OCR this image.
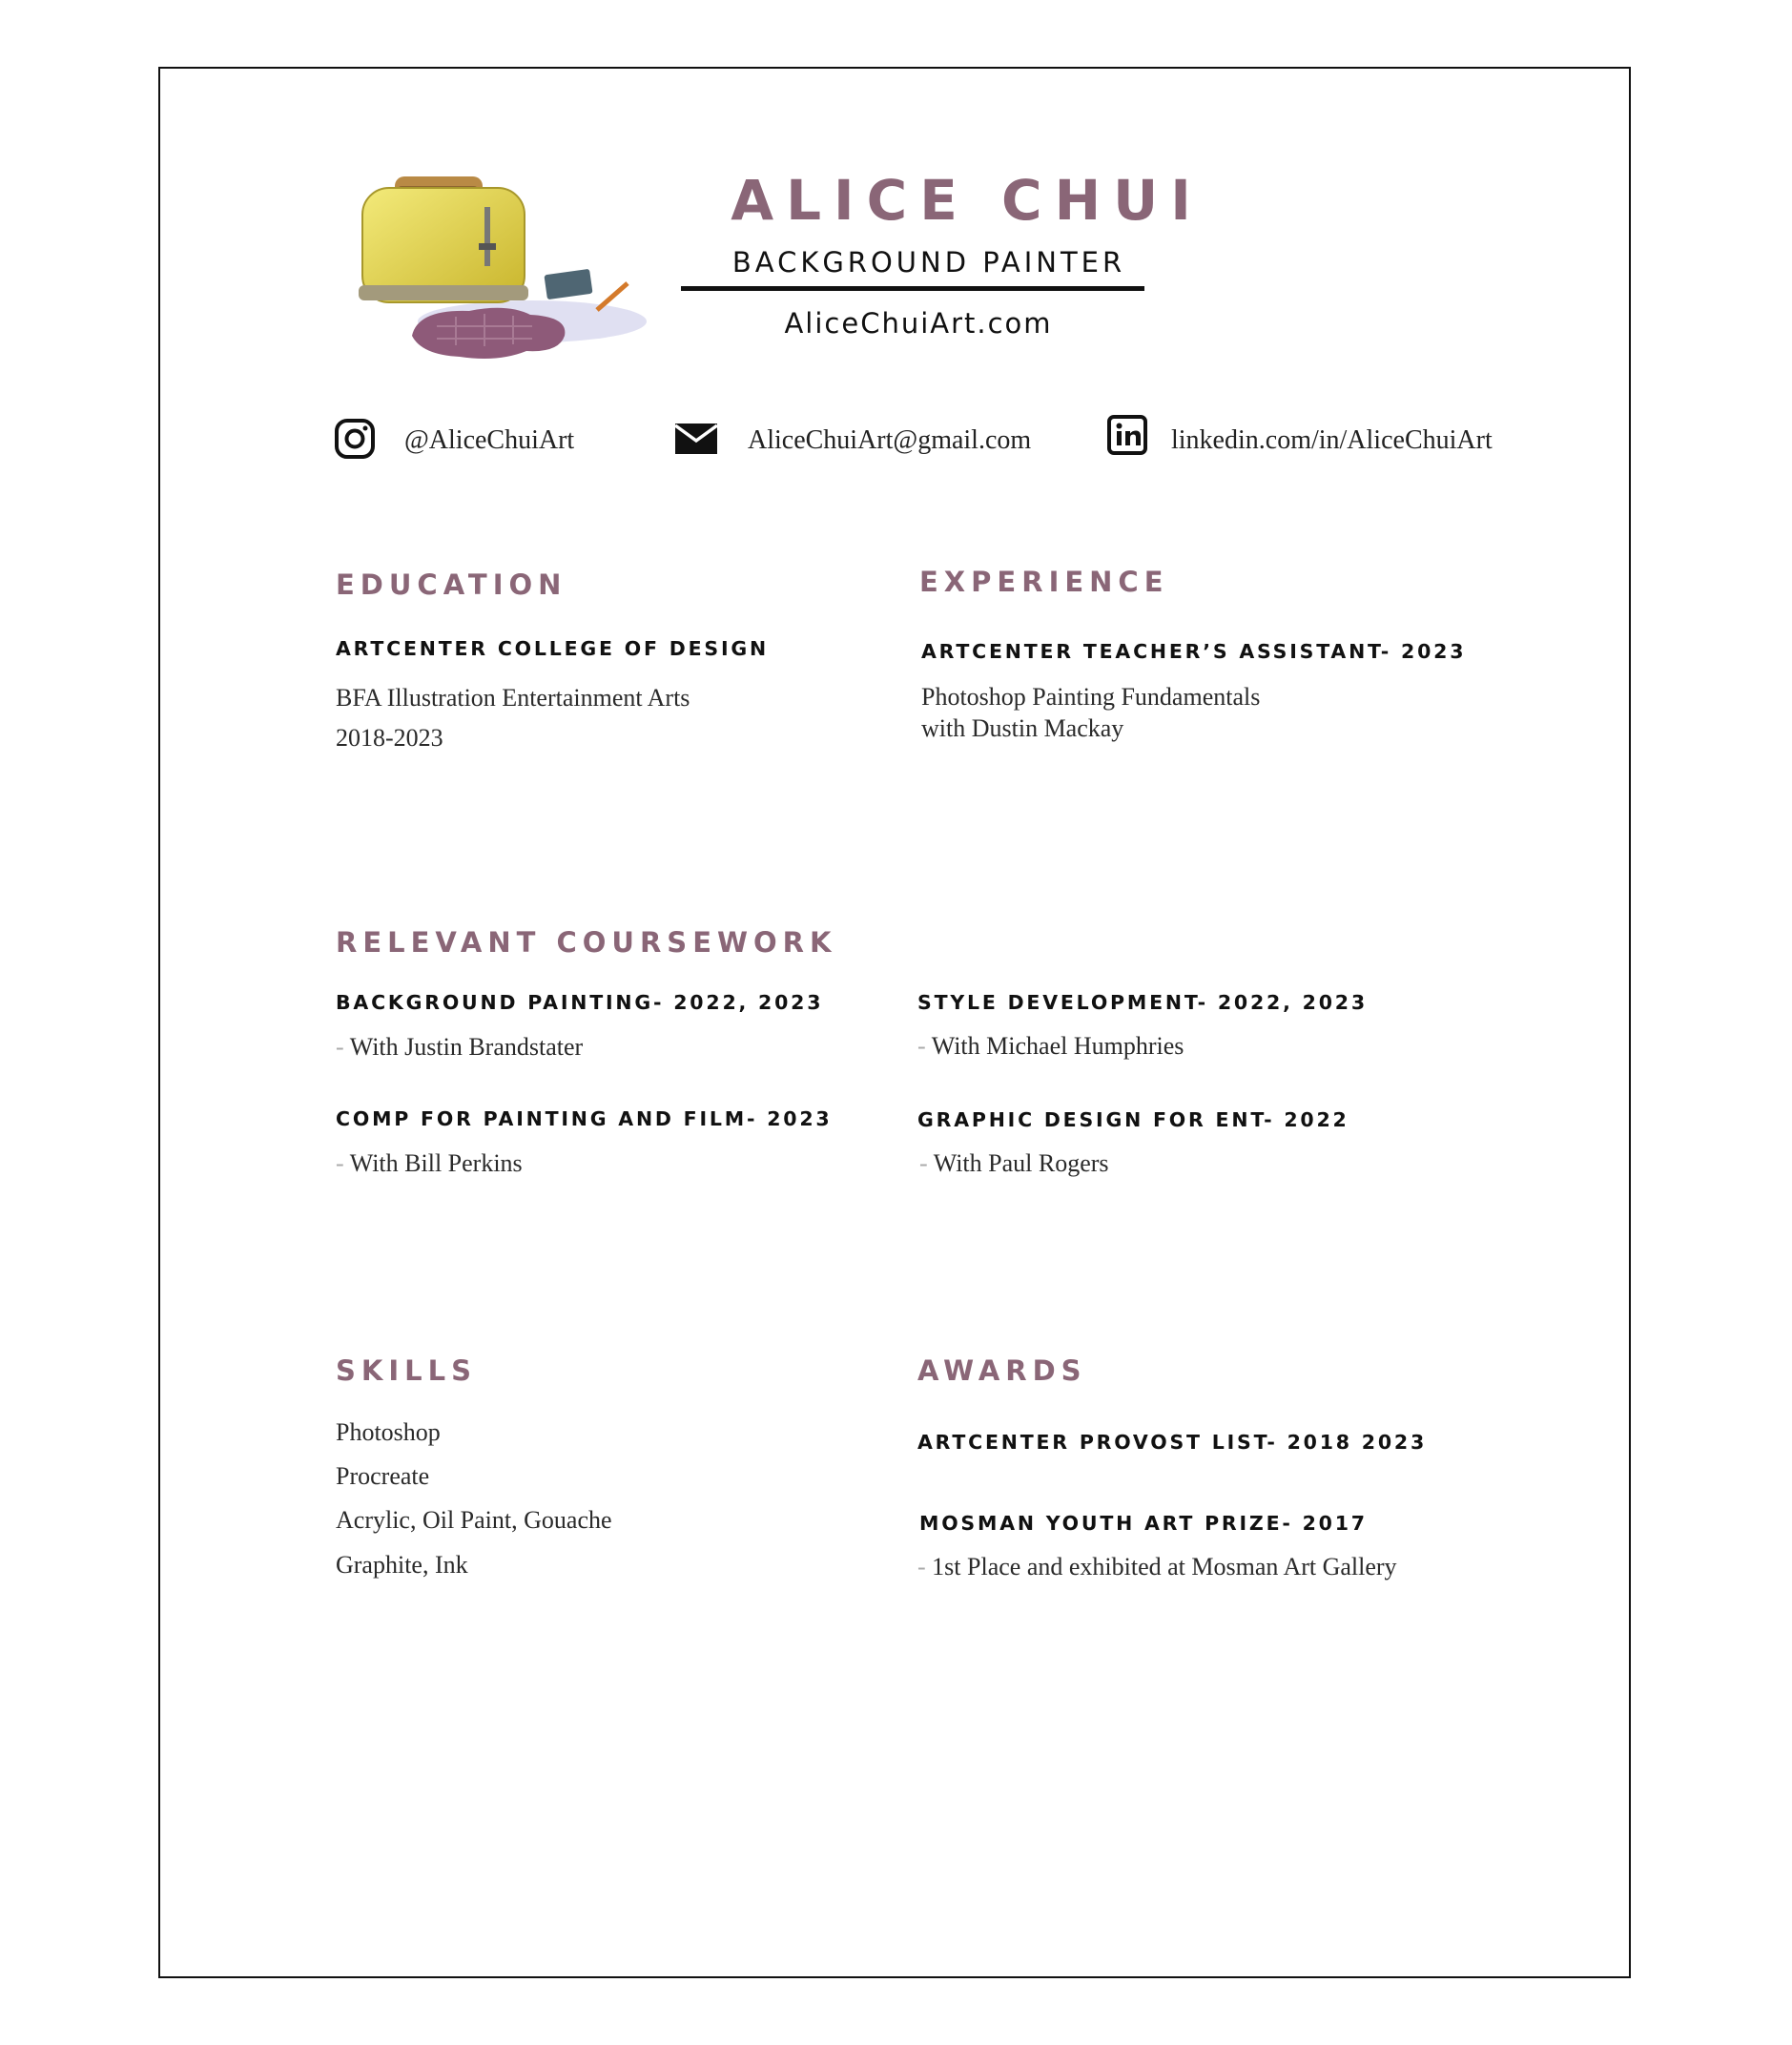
ALICE CHUI
BACKGROUND PAINTER
AliceChuiArt.com
@AliceChuiArt	AliceChuiArt@gmail.com	linkedin.com/in/AliceChuiArt
EDUCATION
ARTCENTER COLLEGE OF DESIGN
BFA Illustration Entertainment Arts
2018-2023
EXPERIENCE
ARTCENTER TEACHER’S ASSISTANT- 2023
Photoshop Painting Fundamentals
with Dustin Mackay
RELEVANT COURSEWORK
BACKGROUND PAINTING- 2022, 2023
- With Justin Brandstater
STYLE DEVELOPMENT- 2022, 2023
- With Michael Humphries
COMP FOR PAINTING AND FILM- 2023
- With Bill Perkins
GRAPHIC DESIGN FOR ENT- 2022
- With Paul Rogers
SKILLS
Photoshop
Procreate
Acrylic, Oil Paint, Gouache
Graphite, Ink
AWARDS
ARTCENTER PROVOST LIST- 2018 2023
MOSMAN YOUTH ART PRIZE- 2017
- 1st Place and exhibited at Mosman Art Gallery
